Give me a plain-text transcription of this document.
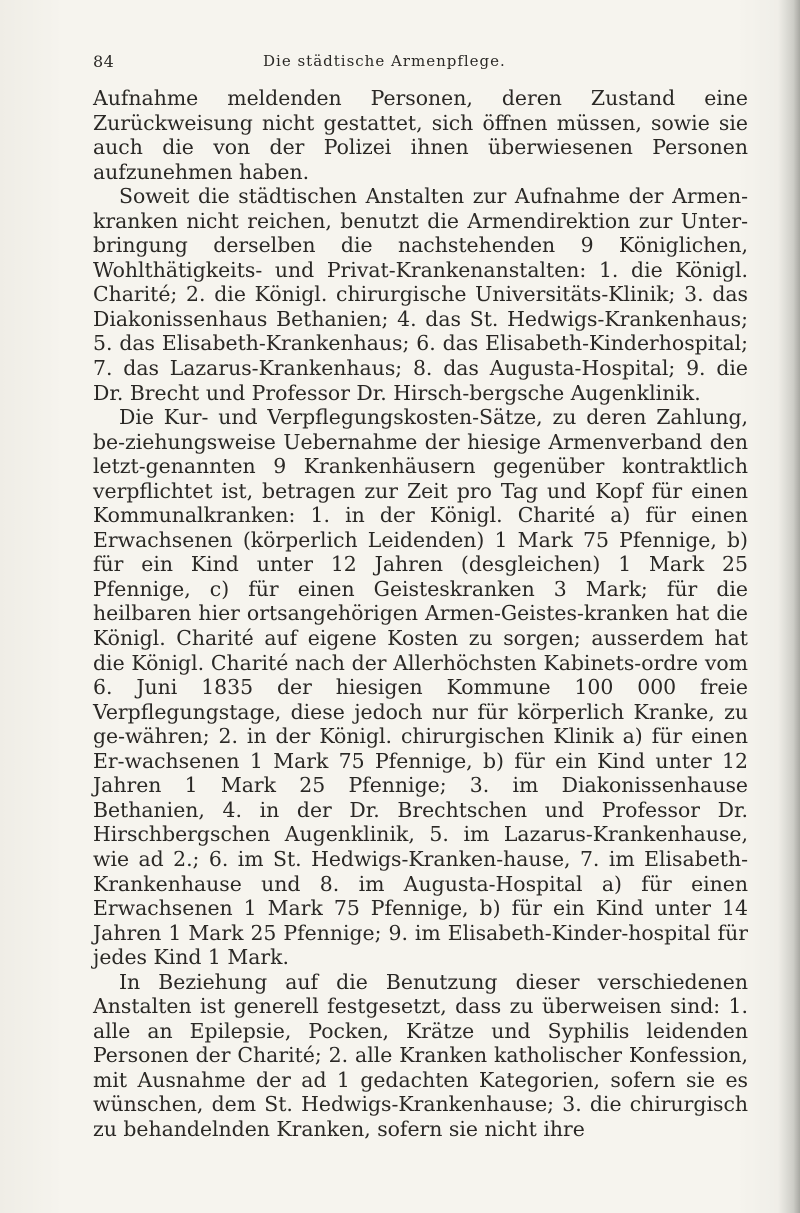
84	Die städtische Armenpflege.

Aufnahme meldenden Personen, deren Zustand eine Zurückweisung nicht gestattet, sich öffnen müssen, sowie sie auch die von der Polizei ihnen überwiesenen Personen aufzunehmen haben.

Soweit die städtischen Anstalten zur Aufnahme der Armen-kranken nicht reichen, benutzt die Armendirektion zur Unter-bringung derselben die nachstehenden 9 Königlichen, Wohlthätigkeits- und Privat-Krankenanstalten: 1. die Königl. Charité; 2. die Königl. chirurgische Universitäts-Klinik; 3. das Diakonissenhaus Bethanien; 4. das St. Hedwigs-Krankenhaus; 5. das Elisabeth-Krankenhaus; 6. das Elisabeth-Kinderhospital; 7. das Lazarus-Krankenhaus; 8. das Augusta-Hospital; 9. die Dr. Brecht und Professor Dr. Hirsch-bergsche Augenklinik.

Die Kur- und Verpflegungskosten-Sätze, zu deren Zahlung, be-ziehungsweise Uebernahme der hiesige Armenverband den letzt-genannten 9 Krankenhäusern gegenüber kontraktlich verpflichtet ist, betragen zur Zeit pro Tag und Kopf für einen Kommunalkranken: 1. in der Königl. Charité a) für einen Erwachsenen (körperlich Leidenden) 1 Mark 75 Pfennige, b) für ein Kind unter 12 Jahren (desgleichen) 1 Mark 25 Pfennige, c) für einen Geisteskranken 3 Mark; für die heilbaren hier ortsangehörigen Armen-Geistes-kranken hat die Königl. Charité auf eigene Kosten zu sorgen; ausserdem hat die Königl. Charité nach der Allerhöchsten Kabinets-ordre vom 6. Juni 1835 der hiesigen Kommune 100 000 freie Verpflegungstage, diese jedoch nur für körperlich Kranke, zu ge-währen; 2. in der Königl. chirurgischen Klinik a) für einen Er-wachsenen 1 Mark 75 Pfennige, b) für ein Kind unter 12 Jahren 1 Mark 25 Pfennige; 3. im Diakonissenhause Bethanien, 4. in der Dr. Brechtschen und Professor Dr. Hirschbergschen Augenklinik, 5. im Lazarus-Krankenhause, wie ad 2.; 6. im St. Hedwigs-Kranken-hause, 7. im Elisabeth-Krankenhause und 8. im Augusta-Hospital a) für einen Erwachsenen 1 Mark 75 Pfennige, b) für ein Kind unter 14 Jahren 1 Mark 25 Pfennige; 9. im Elisabeth-Kinder-hospital für jedes Kind 1 Mark.

In Beziehung auf die Benutzung dieser verschiedenen Anstalten ist generell festgesetzt, dass zu überweisen sind: 1. alle an Epilepsie, Pocken, Krätze und Syphilis leidenden Personen der Charité; 2. alle Kranken katholischer Konfession, mit Ausnahme der ad 1 gedachten Kategorien, sofern sie es wünschen, dem St. Hedwigs-Krankenhause; 3. die chirurgisch zu behandelnden Kranken, sofern sie nicht ihre
